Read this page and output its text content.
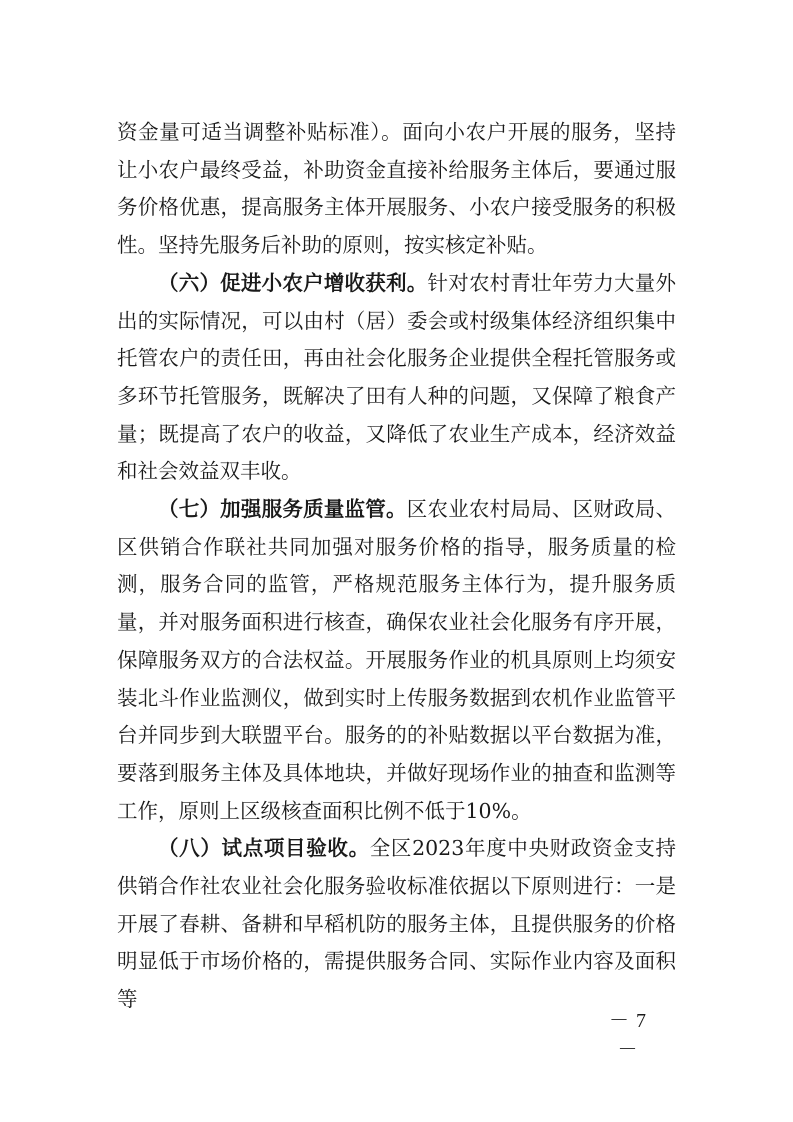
资金量可适当调整补贴标准）。面向小农户开展的服务，坚持让小农户最终受益，补助资金直接补给服务主体后，要通过服务价格优惠，提高服务主体开展服务、小农户接受服务的积极性。坚持先服务后补助的原则，按实核定补贴。

（六）促进小农户增收获利。针对农村青壮年劳力大量外出的实际情况，可以由村（居）委会或村级集体经济组织集中托管农户的责任田，再由社会化服务企业提供全程托管服务或多环节托管服务，既解决了田有人种的问题，又保障了粮食产量；既提高了农户的收益，又降低了农业生产成本，经济效益和社会效益双丰收。

（七）加强服务质量监管。区农业农村局局、区财政局、区供销合作联社共同加强对服务价格的指导，服务质量的检测，服务合同的监管，严格规范服务主体行为，提升服务质量，并对服务面积进行核查，确保农业社会化服务有序开展，保障服务双方的合法权益。开展服务作业的机具原则上均须安装北斗作业监测仪，做到实时上传服务数据到农机作业监管平台并同步到大联盟平台。服务的的补贴数据以平台数据为准，要落到服务主体及具体地块，并做好现场作业的抽查和监测等工作，原则上区级核查面积比例不低于10%。

（八）试点项目验收。全区2023年度中央财政资金支持供销合作社农业社会化服务验收标准依据以下原则进行：一是开展了春耕、备耕和早稻机防的服务主体，且提供服务的价格明显低于市场价格的，需提供服务合同、实际作业内容及面积等

－ 7 －
